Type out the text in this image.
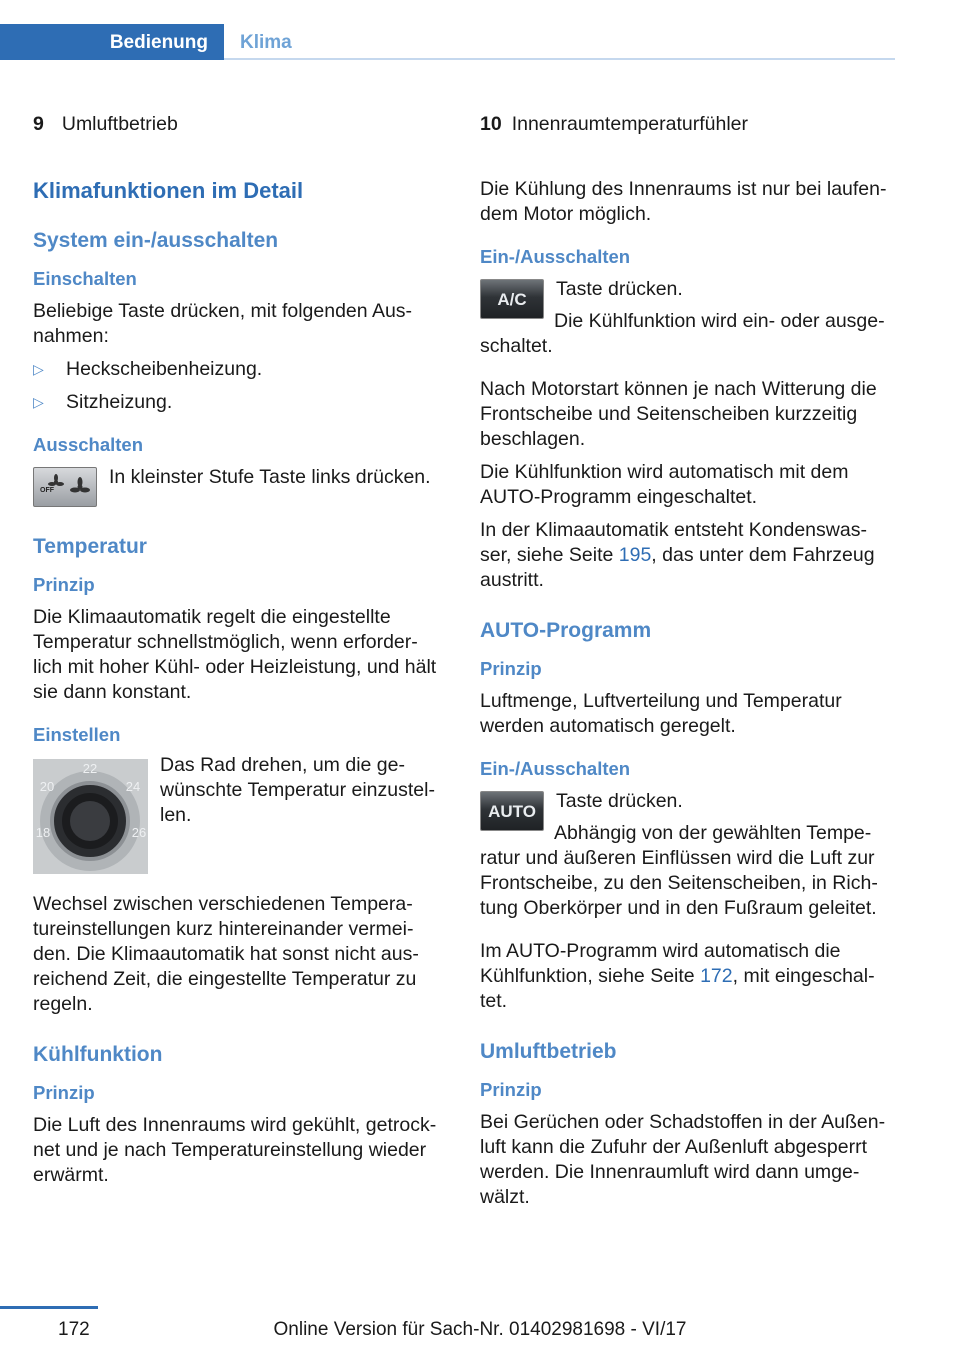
Bedienung Klima
9 Umluftbetrieb
Klimafunktionen im Detail
System ein-/ausschalten
Einschalten

Beliebige Taste drücken, mit folgenden Aus‐ nahmen:

▷	Heckscheibenheizung.
▷	Sitzheizung.
Ausschalten
OFF
In kleinster Stufe Taste links drücken.
Temperatur
Prinzip

Die Klimaautomatik regelt die eingestellte Temperatur schnellstmöglich, wenn erforder‐ lich mit hoher Kühl- oder Heizleistung, und hält sie dann konstant.

Einstellen
22
20	24
18	26
Das Rad drehen, um die ge‐ wünschte Temperatur einzustel‐ len.

Wechsel zwischen verschiedenen Tempera‐ tureinstellungen kurz hintereinander vermei‐ den. Die Klimaautomatik hat sonst nicht aus‐ reichend Zeit, die eingestellte Temperatur zu regeln.

Kühlfunktion
Prinzip

Die Luft des Innenraums wird gekühlt, getrock‐ net und je nach Temperatureinstellung wieder erwärmt.

10 Innenraumtemperaturfühler

Die Kühlung des Innenraums ist nur bei laufen‐ dem Motor möglich.

Ein-/Ausschalten
A/C Taste drücken.

Die Kühlfunktion wird ein- oder ausge‐ schaltet.

Nach Motorstart können je nach Witterung die Frontscheibe und Seitenscheiben kurzzeitig beschlagen.

Die Kühlfunktion wird automatisch mit dem AUTO-Programm eingeschaltet.

In der Klimaautomatik entsteht Kondenswas‐ ser, siehe Seite 195, das unter dem Fahrzeug austritt.

AUTO-Programm
Prinzip

Luftmenge, Luftverteilung und Temperatur werden automatisch geregelt.

Ein-/Ausschalten
AUTO Taste drücken.

Abhängig von der gewählten Tempe‐ ratur und äußeren Einflüssen wird die Luft zur Frontscheibe, zu den Seitenscheiben, in Rich‐ tung Oberkörper und in den Fußraum geleitet.

Im AUTO-Programm wird automatisch die Kühlfunktion, siehe Seite 172, mit eingeschal‐ tet.

Umluftbetrieb
Prinzip

Bei Gerüchen oder Schadstoffen in der Außen‐ luft kann die Zufuhr der Außenluft abgesperrt werden. Die Innenraumluft wird dann umge‐ wälzt.

172	Online Version für Sach-Nr. 01402981698 - VI/17
